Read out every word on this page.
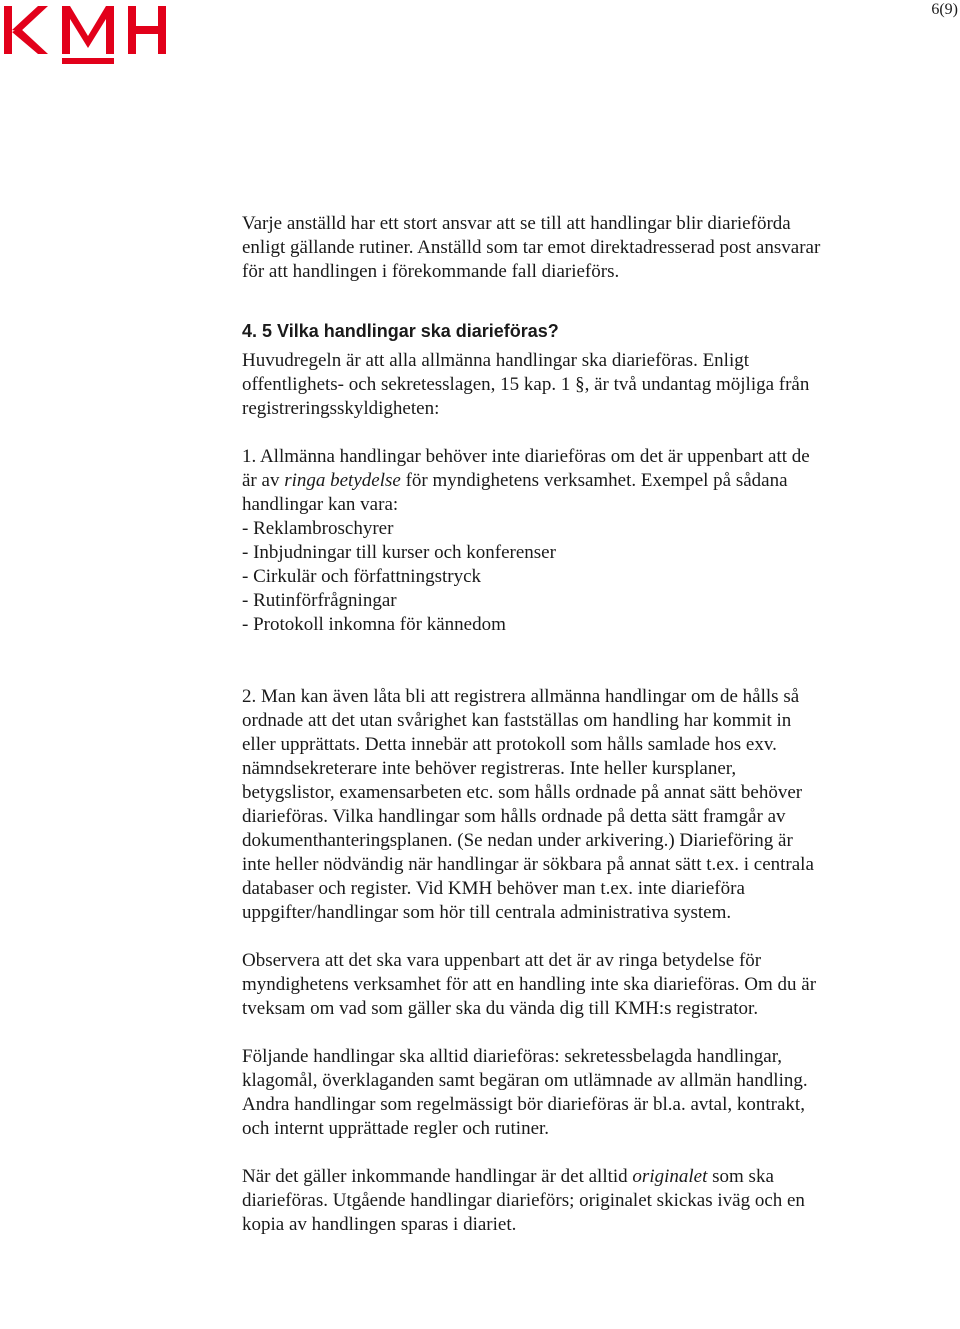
6(9)

Varje anställd har ett stort ansvar att se till att handlingar blir diarieförda enligt gällande rutiner. Anställd som tar emot direktadresserad post ansvarar för att handlingen i förekommande fall diarieförs.

4. 5 Vilka handlingar ska diarieföras?

Huvudregeln är att alla allmänna handlingar ska diarieföras. Enligt offentlighets- och sekretesslagen, 15 kap. 1 §, är två undantag möjliga från registreringsskyldigheten:

1. Allmänna handlingar behöver inte diarieföras om det är uppenbart att de är av ringa betydelse för myndighetens verksamhet. Exempel på sådana handlingar kan vara:

- Reklambroschyrer
- Inbjudningar till kurser och konferenser
- Cirkulär och författningstryck
- Rutinförfrågningar
- Protokoll inkomna för kännedom

2. Man kan även låta bli att registrera allmänna handlingar om de hålls så ordnade att det utan svårighet kan fastställas om handling har kommit in eller upprättats. Detta innebär att protokoll som hålls samlade hos exv. nämndsekreterare inte behöver registreras. Inte heller kursplaner, betygslistor, examensarbeten etc. som hålls ordnade på annat sätt behöver diarieföras. Vilka handlingar som hålls ordnade på detta sätt framgår av dokumenthanteringsplanen. (Se nedan under arkivering.) Diarieföring är inte heller nödvändig när handlingar är sökbara på annat sätt t.ex. i centrala databaser och register. Vid KMH behöver man t.ex. inte diarieföra uppgifter/handlingar som hör till centrala administrativa system.

Observera att det ska vara uppenbart att det är av ringa betydelse för myndighetens verksamhet för att en handling inte ska diarieföras. Om du är tveksam om vad som gäller ska du vända dig till KMH:s registrator.

Följande handlingar ska alltid diarieföras: sekretessbelagda handlingar, klagomål, överklaganden samt begäran om utlämnade av allmän handling. Andra handlingar som regelmässigt bör diarieföras är bl.a. avtal, kontrakt, och internt upprättade regler och rutiner.

När det gäller inkommande handlingar är det alltid originalet som ska diarieföras. Utgående handlingar diarieförs; originalet skickas iväg och en kopia av handlingen sparas i diariet.
